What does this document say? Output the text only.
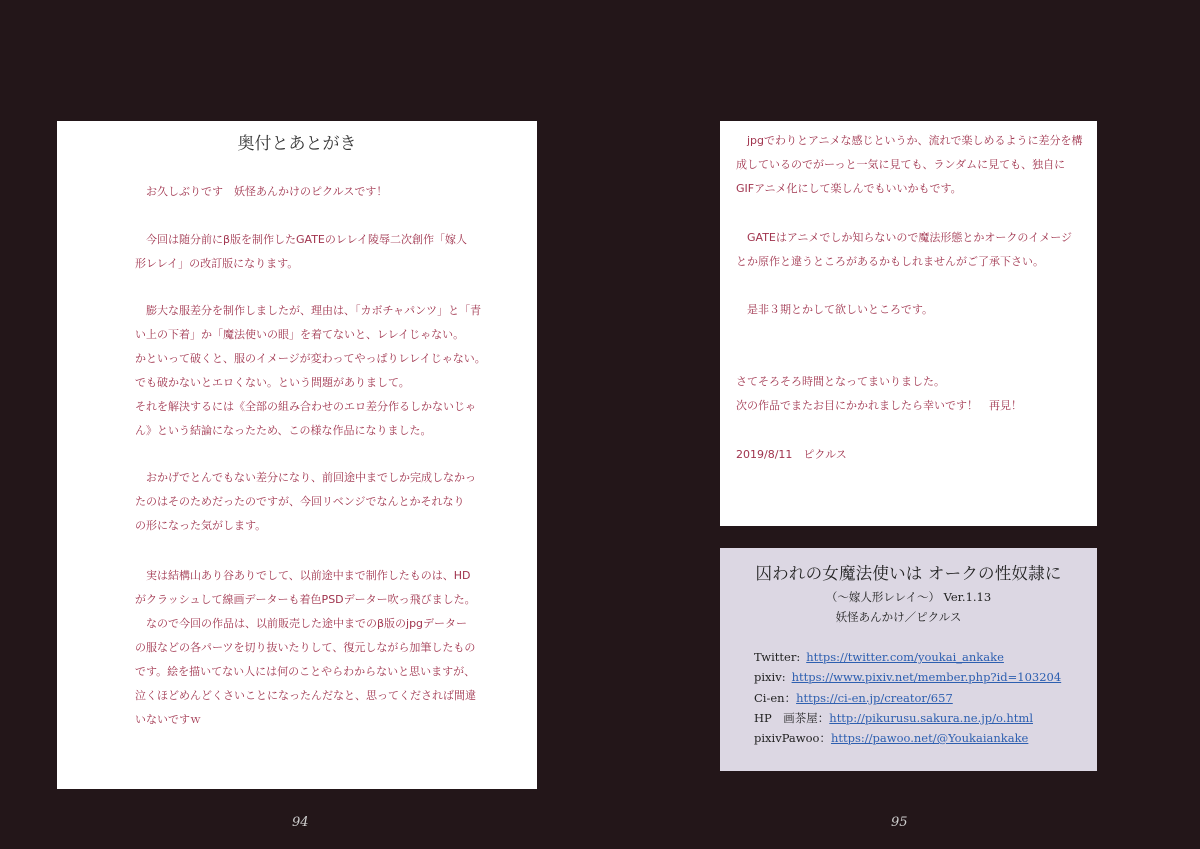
奥付とあとがき

　お久しぶりです　妖怪あんかけのピクルスです！

　今回は随分前にβ版を制作したGATEのレレイ陵辱二次創作「嫁人
形レレイ」の改訂版になります。

　膨大な服差分を制作しましたが、理由は、「カボチャパンツ」と「青
い上の下着」か「魔法使いの眼」を着てないと、レレイじゃない。
かといって破くと、服のイメージが変わってやっぱりレレイじゃない。
でも破かないとエロくない。という問題がありまして。
それを解決するには《全部の組み合わせのエロ差分作るしかないじゃ
ん》という結論になったため、この様な作品になりました。

　おかげでとんでもない差分になり、前回途中までしか完成しなかっ
たのはそのためだったのですが、今回リベンジでなんとかそれなり
の形になった気がします。

　実は結構山あり谷ありでして、以前途中まで制作したものは、HD
がクラッシュして線画データーも着色PSDデーター吹っ飛びました。
　なので今回の作品は、以前販売した途中までのβ版のjpgデーター
の服などの各パーツを切り抜いたりして、復元しながら加筆したもの
です。絵を描いてない人には何のことやらわからないと思いますが、
泣くほどめんどくさいことになったんだなと、思ってくだされば間違
いないですｗ

　jpgでわりとアニメな感じというか、流れで楽しめるように差分を構
成しているのでがーっと一気に見ても、ランダムに見ても、独自に
GIFアニメ化にして楽しんでもいいかもです。

　GATEはアニメでしか知らないので魔法形態とかオークのイメージ
とか原作と違うところがあるかもしれませんがご了承下さい。

　是非３期とかして欲しいところです。

さてそろそろ時間となってまいりました。
次の作品でまたお目にかかれましたら幸いです！　再見！

2019/8/11　ピクルス

囚われの女魔法使いは オークの性奴隷に
（～嫁人形レレイ～） Ver.1.13
妖怪あんかけ／ピクルス
Twitter: https://twitter.com/youkai_ankake
pixiv: https://www.pixiv.net/member.php?id=103204
Ci-en：https://ci-en.jp/creator/657
HP　画茶屋：http://pikurusu.sakura.ne.jp/o.html
pixivPawoo：https://pawoo.net/@Youkaiankake
94	95
